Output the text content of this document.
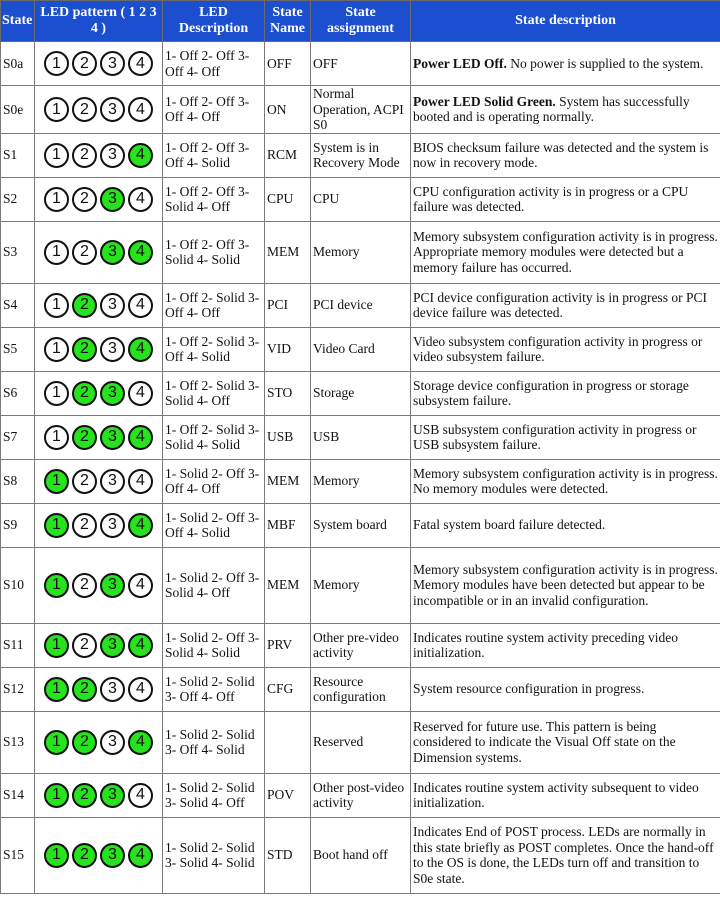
State	LED pattern ( 1 2 3 4 )	LED Description	State Name	State assignment	State description
S0a	1 2 3 4	1- Off 2- Off 3- Off 4- Off	OFF	OFF	Power LED Off. No power is supplied to the system.
S0e	1 2 3 4	1- Off 2- Off 3- Off 4- Off	ON	Normal Operation, ACPI S0	Power LED Solid Green. System has successfully booted and is operating normally.
S1	1 2 3 4	1- Off 2- Off 3- Off 4- Solid	RCM	System is in Recovery Mode	BIOS checksum failure was detected and the system is now in recovery mode.
S2	1 2 3 4	1- Off 2- Off 3- Solid 4- Off	CPU	CPU	CPU configuration activity is in progress or a CPU failure was detected.
S3	1 2 3 4	1- Off 2- Off 3- Solid 4- Solid	MEM	Memory	Memory subsystem configuration activity is in progress. Appropriate memory modules were detected but a memory failure has occurred.
S4	1 2 3 4	1- Off 2- Solid 3- Off 4- Off	PCI	PCI device	PCI device configuration activity is in progress or PCI device failure was detected.
S5	1 2 3 4	1- Off 2- Solid 3- Off 4- Solid	VID	Video Card	Video subsystem configuration activity in progress or video subsystem failure.
S6	1 2 3 4	1- Off 2- Solid 3- Solid 4- Off	STO	Storage	Storage device configuration in progress or storage subsystem failure.
S7	1 2 3 4	1- Off 2- Solid 3- Solid 4- Solid	USB	USB	USB subsystem configuration activity in progress or USB subsystem failure.
S8	1 2 3 4	1- Solid 2- Off 3- Off 4- Off	MEM	Memory	Memory subsystem configuration activity is in progress. No memory modules were detected.
S9	1 2 3 4	1- Solid 2- Off 3- Off 4- Solid	MBF	System board	Fatal system board failure detected.
S10	1 2 3 4	1- Solid 2- Off 3- Solid 4- Off	MEM	Memory	Memory subsystem configuration activity is in progress. Memory modules have been detected but appear to be incompatible or in an invalid configuration.
S11	1 2 3 4	1- Solid 2- Off 3- Solid 4- Solid	PRV	Other pre-video activity	Indicates routine system activity preceding video initialization.
S12	1 2 3 4	1- Solid 2- Solid 3- Off 4- Off	CFG	Resource configuration	System resource configuration in progress.
S13	1 2 3 4	1- Solid 2- Solid 3- Off 4- Solid		Reserved	Reserved for future use. This pattern is being considered to indicate the Visual Off state on the Dimension systems.
S14	1 2 3 4	1- Solid 2- Solid 3- Solid 4- Off	POV	Other post-video activity	Indicates routine system activity subsequent to video initialization.
S15	1 2 3 4	1- Solid 2- Solid 3- Solid 4- Solid	STD	Boot hand off	Indicates End of POST process. LEDs are normally in this state briefly as POST completes. Once the hand-off to the OS is done, the LEDs turn off and transition to S0e state.
